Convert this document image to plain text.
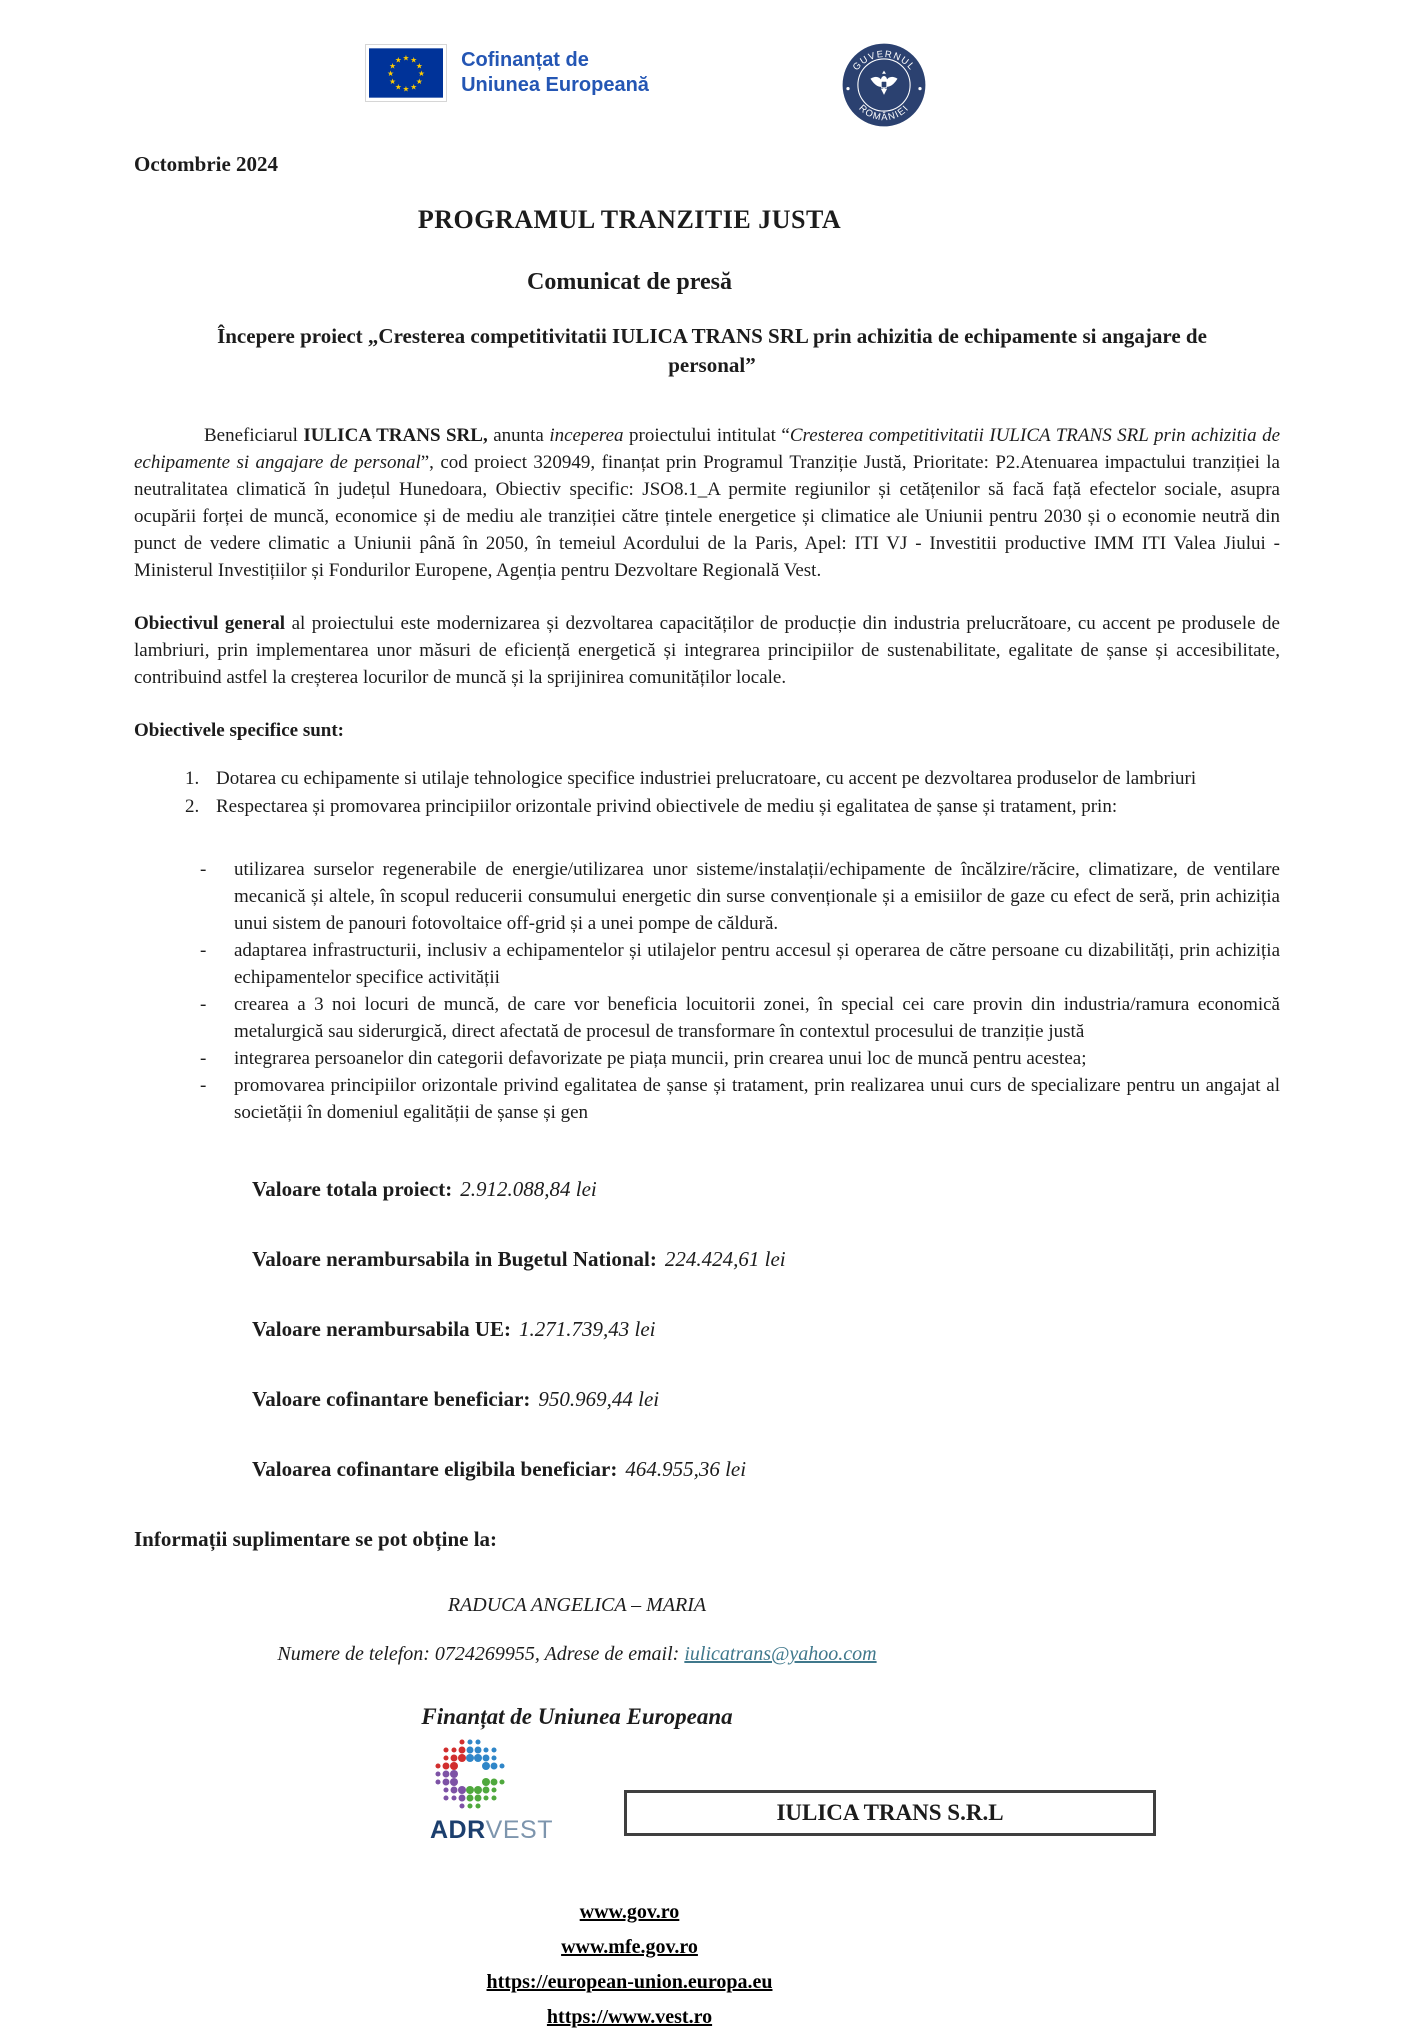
★ ★
★
★
★
★
★
★
★
★
★
★	Cofinanțat de
Uniunea Europeană
GUVERNUL
ROMÂNIEI
Octombrie 2024
PROGRAMUL TRANZITIE JUSTA
Comunicat de presă
Începere proiect „Cresterea competitivitatii IULICA TRANS SRL prin achizitia de echipamente si angajare de personal”

Beneficiarul IULICA TRANS SRL, anunta inceperea proiectului intitulat “Cresterea competitivitatii IULICA TRANS SRL prin achizitia de echipamente si angajare de personal”, cod proiect 320949, finanțat prin Programul Tranziție Justă, Prioritate: P2.Atenuarea impactului tranziției la neutralitatea climatică în județul Hunedoara, Obiectiv specific: JSO8.1_A permite regiunilor și cetățenilor să facă față efectelor sociale, asupra ocupării forței de muncă, economice și de mediu ale tranziției către țintele energetice și climatice ale Uniunii pentru 2030 și o economie neutră din punct de vedere climatic a Uniunii până în 2050, în temeiul Acordului de la Paris, Apel: ITI VJ - Investitii productive IMM ITI Valea Jiului - Ministerul Investițiilor și Fondurilor Europene, Agenția pentru Dezvoltare Regională Vest.

Obiectivul general al proiectului este modernizarea și dezvoltarea capacităților de producție din industria prelucrătoare, cu accent pe produsele de lambriuri, prin implementarea unor măsuri de eficiență energetică și integrarea principiilor de sustenabilitate, egalitate de șanse și accesibilitate, contribuind astfel la creșterea locurilor de muncă și la sprijinirea comunităților locale.

Obiectivele specifice sunt:
1. Dotarea cu echipamente si utilaje tehnologice specifice industriei prelucratoare, cu accent pe dezvoltarea produselor de lambriuri
2. Respectarea și promovarea principiilor orizontale privind obiectivele de mediu și egalitatea de șanse și tratament, prin:
- utilizarea surselor regenerabile de energie/utilizarea unor sisteme/instalații/echipamente de încălzire/răcire, climatizare, de ventilare mecanică și altele, în scopul reducerii consumului energetic din surse convenționale și a emisiilor de gaze cu efect de seră, prin achiziția unui sistem de panouri fotovoltaice off-grid și a unei pompe de căldură.
- adaptarea infrastructurii, inclusiv a echipamentelor și utilajelor pentru accesul și operarea de către persoane cu dizabilități, prin achiziția echipamentelor specifice activității
- crearea a 3 noi locuri de muncă, de care vor beneficia locuitorii zonei, în special cei care provin din industria/ramura economică metalurgică sau siderurgică, direct afectată de procesul de transformare în contextul procesului de tranziție justă
- integrarea persoanelor din categorii defavorizate pe piața muncii, prin crearea unui loc de muncă pentru acestea;
- promovarea principiilor orizontale privind egalitatea de șanse și tratament, prin realizarea unui curs de specializare pentru un angajat al societății în domeniul egalității de șanse și gen
Valoare totala proiect: 2.912.088,84 lei
Valoare nerambursabila in Bugetul National: 224.424,61 lei
Valoare nerambursabila UE: 1.271.739,43 lei
Valoare cofinantare beneficiar: 950.969,44 lei
Valoarea cofinantare eligibila beneficiar: 464.955,36 lei
Informații suplimentare se pot obține la:
RADUCA ANGELICA – MARIA
Numere de telefon: 0724269955, Adrese de email: iulicatrans@yahoo.com
Finanțat de Uniunea Europeana
ADRVEST
IULICA TRANS S.R.L
www.gov.ro
www.mfe.gov.ro
https://european-union.europa.eu
https://www.vest.ro
